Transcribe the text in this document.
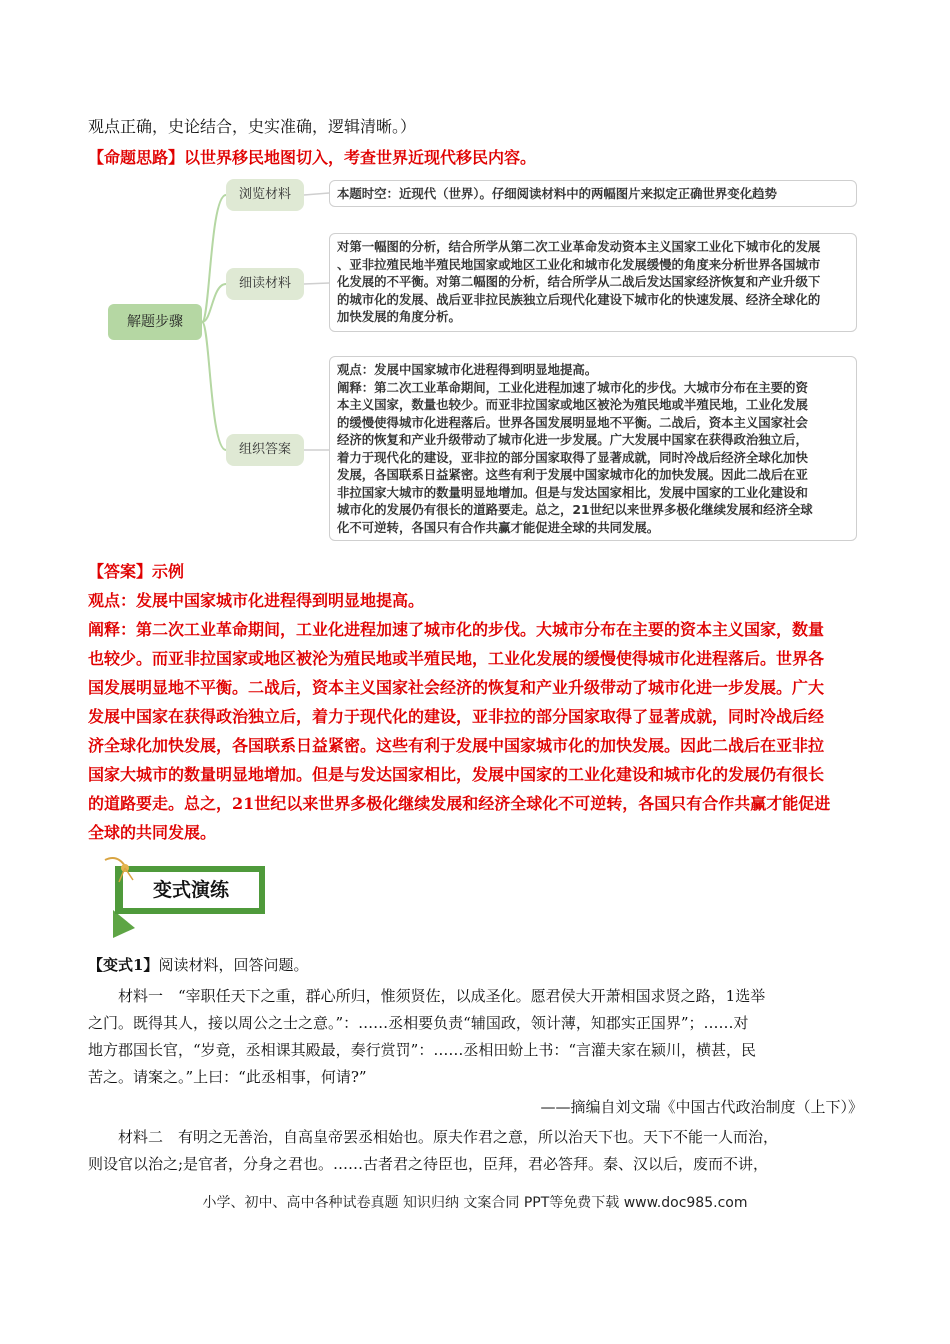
观点正确，史论结合，史实准确，逻辑清晰。）
【命题思路】以世界移民地图切入，考查世界近现代移民内容。
解题步骤
浏览材料
细读材料
组织答案
本题时空：近现代（世界）。仔细阅读材料中的两幅图片来拟定正确世界变化趋势
对第一幅图的分析，结合所学从第二次工业革命发动资本主义国家工业化下城市化的发展
、亚非拉殖民地半殖民地国家或地区工业化和城市化发展缓慢的角度来分析世界各国城市
化发展的不平衡。对第二幅图的分析，结合所学从二战后发达国家经济恢复和产业升级下
的城市化的发展、战后亚非拉民族独立后现代化建设下城市化的快速发展、经济全球化的
加快发展的角度分析。
观点：发展中国家城市化进程得到明显地提高。
阐释：第二次工业革命期间，工业化进程加速了城市化的步伐。大城市分布在主要的资
本主义国家，数量也较少。而亚非拉国家或地区被沦为殖民地或半殖民地，工业化发展
的缓慢使得城市化进程落后。世界各国发展明显地不平衡。二战后，资本主义国家社会
经济的恢复和产业升级带动了城市化进一步发展。广大发展中国家在获得政治独立后，
着力于现代化的建设，亚非拉的部分国家取得了显著成就，同时冷战后经济全球化加快
发展，各国联系日益紧密。这些有利于发展中国家城市化的加快发展。因此二战后在亚
非拉国家大城市的数量明显地增加。但是与发达国家相比，发展中国家的工业化建设和
城市化的发展仍有很长的道路要走。总之，21世纪以来世界多极化继续发展和经济全球
化不可逆转，各国只有合作共赢才能促进全球的共同发展。
【答案】示例
观点：发展中国家城市化进程得到明显地提高。
阐释：第二次工业革命期间，工业化进程加速了城市化的步伐。大城市分布在主要的资本主义国家，数量
也较少。而亚非拉国家或地区被沦为殖民地或半殖民地，工业化发展的缓慢使得城市化进程落后。世界各
国发展明显地不平衡。二战后，资本主义国家社会经济的恢复和产业升级带动了城市化进一步发展。广大
发展中国家在获得政治独立后，着力于现代化的建设，亚非拉的部分国家取得了显著成就，同时冷战后经
济全球化加快发展，各国联系日益紧密。这些有利于发展中国家城市化的加快发展。因此二战后在亚非拉
国家大城市的数量明显地增加。但是与发达国家相比，发展中国家的工业化建设和城市化的发展仍有很长
的道路要走。总之，21世纪以来世界多极化继续发展和经济全球化不可逆转，各国只有合作共赢才能促进
全球的共同发展。
变式演练
【变式1】阅读材料，回答问题。
　　材料一　“宰职任天下之重，群心所归，惟须贤佐，以成圣化。愿君侯大开萧相国求贤之路，1选举
之门。既得其人，接以周公之士之意。”：……丞相要负责“辅国政，领计薄，知郡实正国界”；……对
地方郡国长官，“岁竟，丞相课其殿最，奏行赏罚”：……丞相田蚡上书：“言灌夫家在颍川，横甚，民
苦之。请案之。”上曰：“此丞相事，何请?”
——摘编自刘文瑞《中国古代政治制度（上下）》
　　材料二　有明之无善治，自高皇帝罢丞相始也。原夫作君之意，所以治天下也。天下不能一人而治，
则设官以治之;是官者，分身之君也。……古者君之待臣也，臣拜，君必答拜。秦、汉以后，废而不讲，
小学、初中、高中各种试卷真题 知识归纳 文案合同 PPT等免费下载 www.doc985.com
